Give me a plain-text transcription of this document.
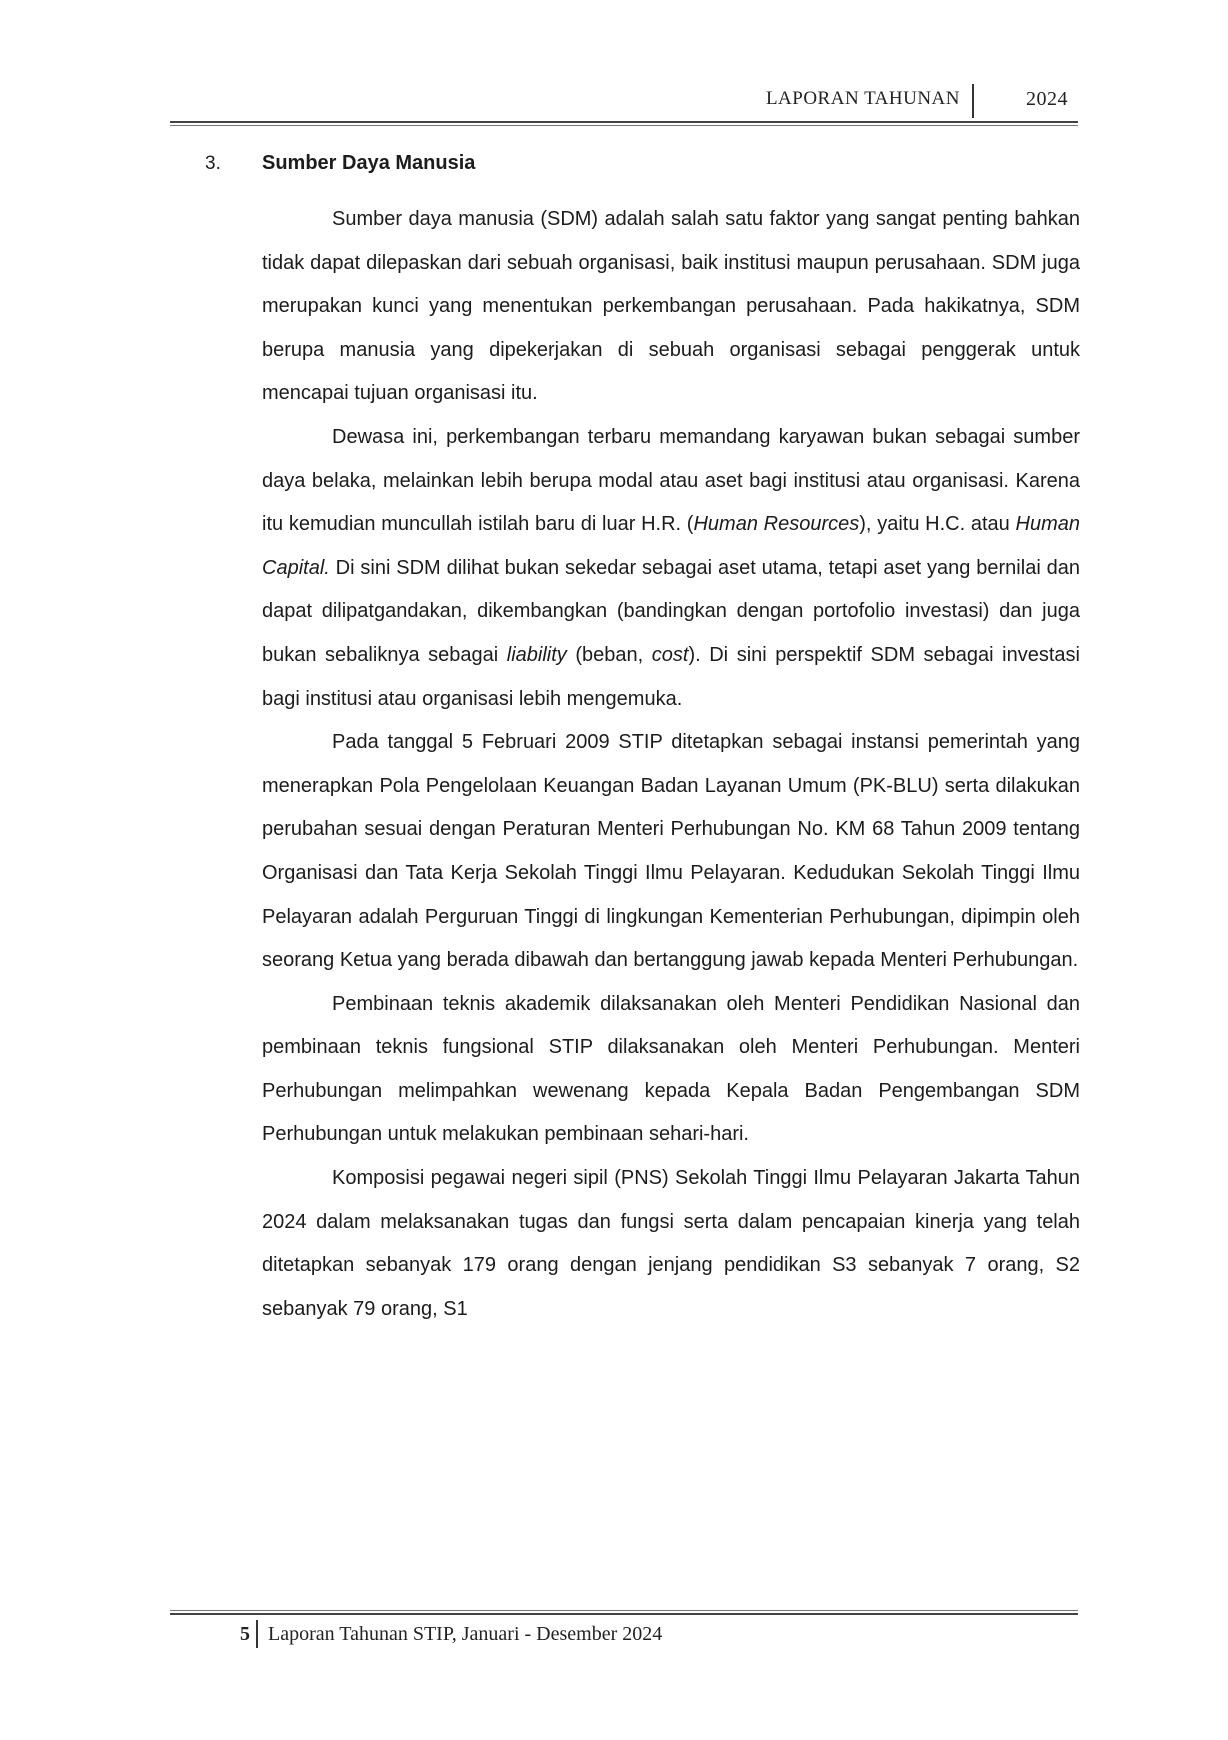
LAPORAN TAHUNAN	2024
3.	Sumber Daya Manusia

Sumber daya manusia (SDM) adalah salah satu faktor yang sangat penting bahkan tidak dapat dilepaskan dari sebuah organisasi, baik institusi maupun perusahaan. SDM juga merupakan kunci yang menentukan perkembangan perusahaan. Pada hakikatnya, SDM berupa manusia yang dipekerjakan di sebuah organisasi sebagai penggerak untuk mencapai tujuan organisasi itu.

Dewasa ini, perkembangan terbaru memandang karyawan bukan sebagai sumber daya belaka, melainkan lebih berupa modal atau aset bagi institusi atau organisasi. Karena itu kemudian muncullah istilah baru di luar H.R. (Human Resources), yaitu H.C. atau Human Capital. Di sini SDM dilihat bukan sekedar sebagai aset utama, tetapi aset yang bernilai dan dapat dilipatgandakan, dikembangkan (bandingkan dengan portofolio investasi) dan juga bukan sebaliknya sebagai liability (beban, cost). Di sini perspektif SDM sebagai investasi bagi institusi atau organisasi lebih mengemuka.

Pada tanggal 5 Februari 2009 STIP ditetapkan sebagai instansi pemerintah yang menerapkan Pola Pengelolaan Keuangan Badan Layanan Umum (PK-BLU) serta dilakukan perubahan sesuai dengan Peraturan Menteri Perhubungan No. KM 68 Tahun 2009 tentang Organisasi dan Tata Kerja Sekolah Tinggi Ilmu Pelayaran. Kedudukan Sekolah Tinggi Ilmu Pelayaran adalah Perguruan Tinggi di lingkungan Kementerian Perhubungan, dipimpin oleh seorang Ketua yang berada dibawah dan bertanggung jawab kepada Menteri Perhubungan.

Pembinaan teknis akademik dilaksanakan oleh Menteri Pendidikan Nasional dan pembinaan teknis fungsional STIP dilaksanakan oleh Menteri Perhubungan. Menteri Perhubungan melimpahkan wewenang kepada Kepala Badan Pengembangan SDM Perhubungan untuk melakukan pembinaan sehari-hari.

Komposisi pegawai negeri sipil (PNS) Sekolah Tinggi Ilmu Pelayaran Jakarta Tahun 2024 dalam melaksanakan tugas dan fungsi serta dalam pencapaian kinerja yang telah ditetapkan sebanyak 179 orang dengan jenjang pendidikan S3 sebanyak 7 orang, S2 sebanyak 79 orang, S1

5 Laporan Tahunan STIP, Januari - Desember 2024
